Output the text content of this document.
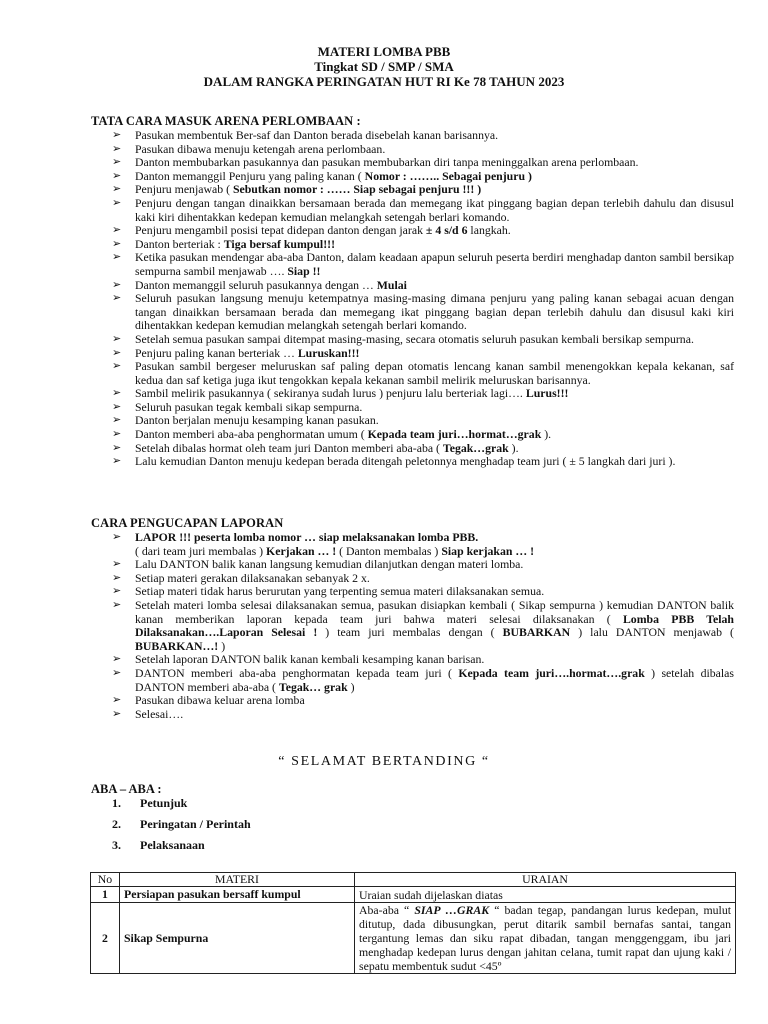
MATERI LOMBA PBB
Tingkat SD / SMP / SMA
DALAM RANGKA PERINGATAN HUT RI Ke 78 TAHUN 2023
TATA CARA MASUK ARENA PERLOMBAAN :
➢ Pasukan membentuk Ber-saf dan Danton berada disebelah kanan barisannya.
➢ Pasukan dibawa menuju ketengah arena perlombaan.
➢ Danton membubarkan pasukannya dan pasukan membubarkan diri tanpa meninggalkan arena perlombaan.
➢ Danton memanggil Penjuru yang paling kanan ( Nomor : …….. Sebagai penjuru )
➢ Penjuru menjawab ( Sebutkan nomor : …… Siap sebagai penjuru !!! )
➢ Penjuru dengan tangan dinaikkan bersamaan berada dan memegang ikat pinggang bagian depan terlebih dahulu dan disusul kaki kiri dihentakkan kedepan kemudian melangkah setengah berlari komando.
➢ Penjuru mengambil posisi tepat didepan danton dengan jarak ± 4 s/d 6 langkah.
➢ Danton berteriak : Tiga bersaf kumpul!!!
➢ Ketika pasukan mendengar aba-aba Danton, dalam keadaan apapun seluruh peserta berdiri menghadap danton sambil bersikap sempurna sambil menjawab …. Siap !!
➢ Danton memanggil seluruh pasukannya dengan … Mulai
➢ Seluruh pasukan langsung menuju ketempatnya masing-masing dimana penjuru yang paling kanan sebagai acuan dengan tangan dinaikkan bersamaan berada dan memegang ikat pinggang bagian depan terlebih dahulu dan disusul kaki kiri dihentakkan kedepan kemudian melangkah setengah berlari komando.
➢ Setelah semua pasukan sampai ditempat masing-masing, secara otomatis seluruh pasukan kembali bersikap sempurna.
➢ Penjuru paling kanan berteriak … Luruskan!!!
➢ Pasukan sambil bergeser meluruskan saf paling depan otomatis lencang kanan sambil menengokkan kepala kekanan, saf kedua dan saf ketiga juga ikut tengokkan kepala kekanan sambil melirik meluruskan barisannya.
➢ Sambil melirik pasukannya ( sekiranya sudah lurus ) penjuru lalu berteriak lagi…. Lurus!!!
➢ Seluruh pasukan tegak kembali sikap sempurna.
➢ Danton berjalan menuju kesamping kanan pasukan.
➢ Danton memberi aba-aba penghormatan umum ( Kepada team juri…hormat…grak ).
➢ Setelah dibalas hormat oleh team juri Danton memberi aba-aba ( Tegak…grak ).
➢ Lalu kemudian Danton menuju kedepan berada ditengah peletonnya menghadap team juri ( ± 5 langkah dari juri ).
CARA PENGUCAPAN LAPORAN
➢ LAPOR !!! peserta lomba nomor … siap melaksanakan lomba PBB.
( dari team juri membalas ) Kerjakan … ! ( Danton membalas ) Siap kerjakan … !
➢ Lalu DANTON balik kanan langsung kemudian dilanjutkan dengan materi lomba.
➢ Setiap materi gerakan dilaksanakan sebanyak 2 x.
➢ Setiap materi tidak harus berurutan yang terpenting semua materi dilaksanakan semua.
➢ Setelah materi lomba selesai dilaksanakan semua, pasukan disiapkan kembali ( Sikap sempurna ) kemudian DANTON balik kanan memberikan laporan kepada team juri bahwa materi selesai dilaksanakan ( Lomba PBB Telah Dilaksanakan….Laporan Selesai ! ) team juri membalas dengan ( BUBARKAN ) lalu DANTON menjawab ( BUBARKAN…! )
➢ Setelah laporan DANTON balik kanan kembali kesamping kanan barisan.
➢ DANTON memberi aba-aba penghormatan kepada team juri ( Kepada team juri….hormat….grak ) setelah dibalas DANTON memberi aba-aba ( Tegak… grak )
➢ Pasukan dibawa keluar arena lomba
➢ Selesai….
“ SELAMAT BERTANDING “
ABA – ABA :
1. Petunjuk
2. Peringatan / Perintah
3. Pelaksanaan
No	MATERI	URAIAN
1	Persiapan pasukan bersaff kumpul	Uraian sudah dijelaskan diatas
2	Sikap Sempurna	Aba-aba “ SIAP …GRAK “ badan tegap, pandangan lurus kedepan, mulut ditutup, dada dibusungkan, perut ditarik sambil bernafas santai, tangan tergantung lemas dan siku rapat dibadan, tangan menggenggam, ibu jari menghadap kedepan lurus dengan jahitan celana, tumit rapat dan ujung kaki / sepatu membentuk sudut <45º
